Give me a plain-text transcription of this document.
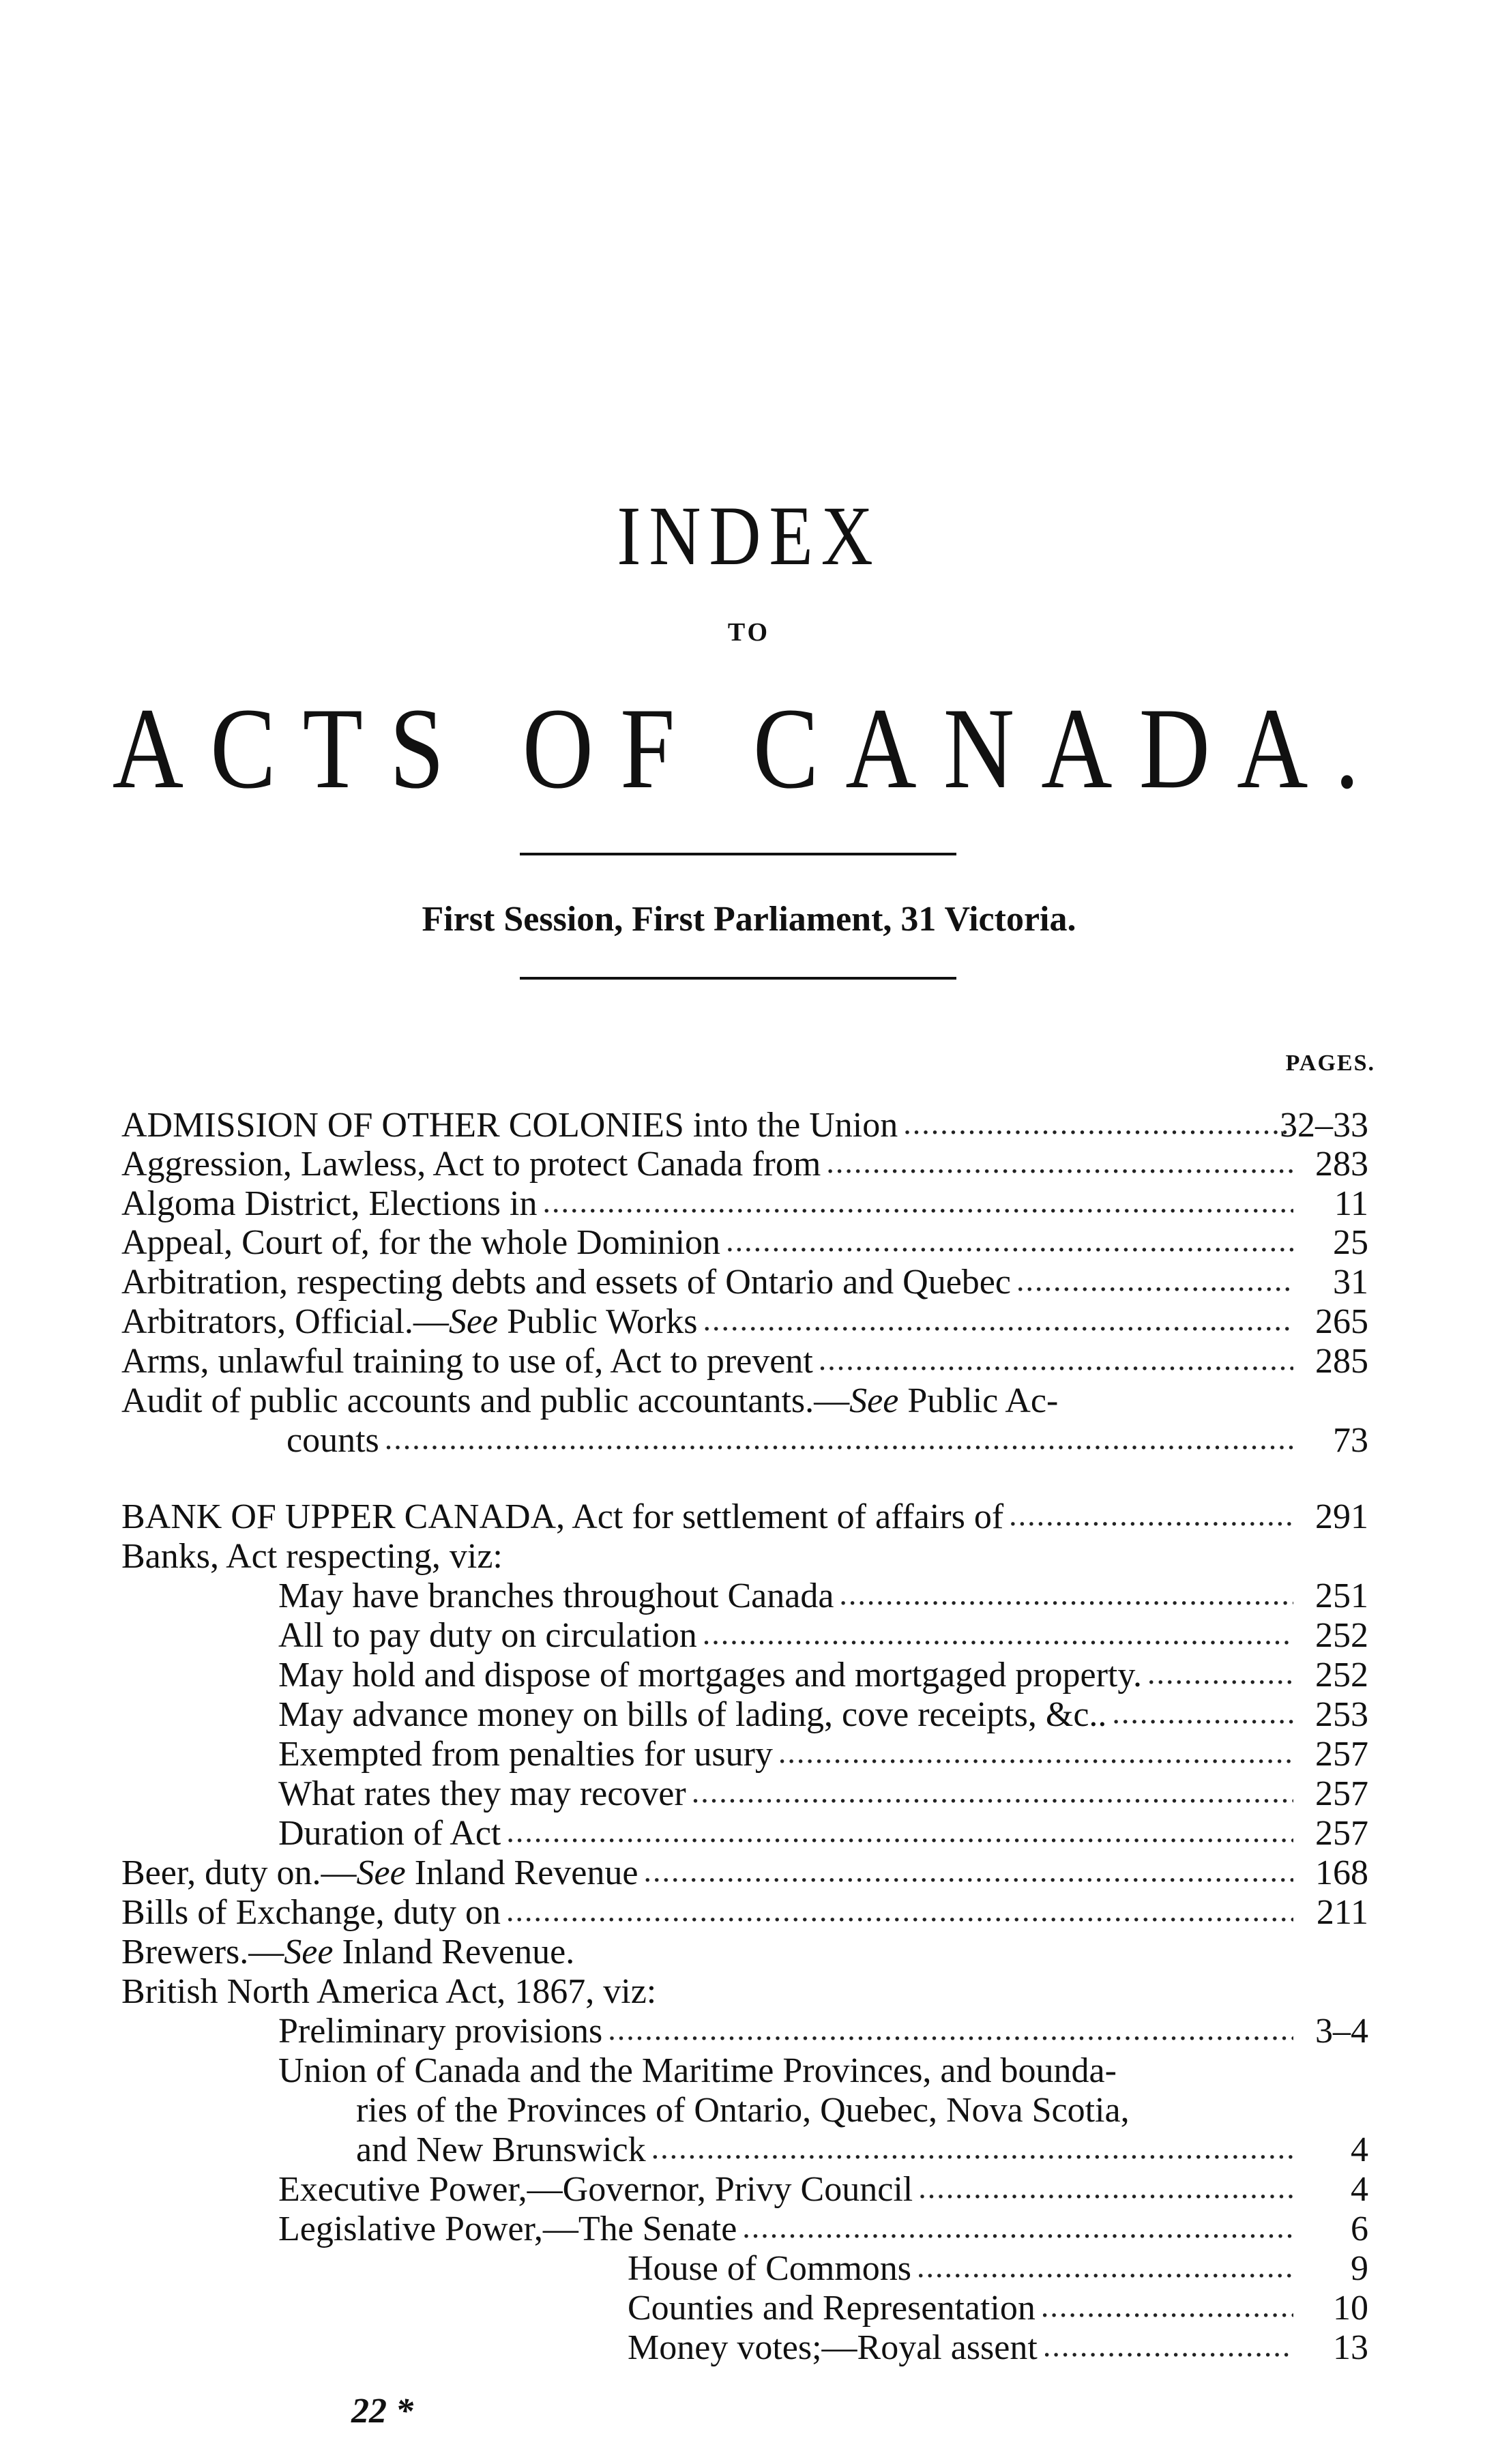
INDEX
TO
ACTS OF CANADA.
First Session, First Parliament, 31 Victoria.
PAGES.
ADMISSION OF OTHER COLONIES into the Union	32–33
.....
Aggression, Lawless, Act to protect Canada from	283
.....
Algoma District, Elections in	11
.....
Appeal, Court of, for the whole Dominion	25
.....
Arbitration, respecting debts and essets of Ontario and Quebec	31
.....
Arbitrators, Official.—See Public Works	265
.....
Arms, unlawful training to use of, Act to prevent	285
.....
Audit of public accounts and public accountants.—See Public Ac-
counts	73
.....
BANK OF UPPER CANADA, Act for settlement of affairs of	291
.....
Banks, Act respecting, viz:
May have branches throughout Canada	251
.....
All to pay duty on circulation	252
.....
May hold and dispose of mortgages and mortgaged property.	252
.....
May advance money on bills of lading, cove receipts, &c..	253
.....
Exempted from penalties for usury	257
.....
What rates they may recover	257
.....
Duration of Act	257
.....
Beer, duty on.—See Inland Revenue	168
.....
Bills of Exchange, duty on	211
.....
Brewers.—See Inland Revenue.
British North America Act, 1867, viz:
Preliminary provisions	3–4
.....
Union of Canada and the Maritime Provinces, and bounda-
ries of the Provinces of Ontario, Quebec, Nova Scotia,
and New Brunswick	4
.....
Executive Power,—Governor, Privy Council	4
.....
Legislative Power,—The Senate	6
.....
House of Commons	9
.....
Counties and Representation	10
.....
Money votes;—Royal assent	13
.....
22 *
